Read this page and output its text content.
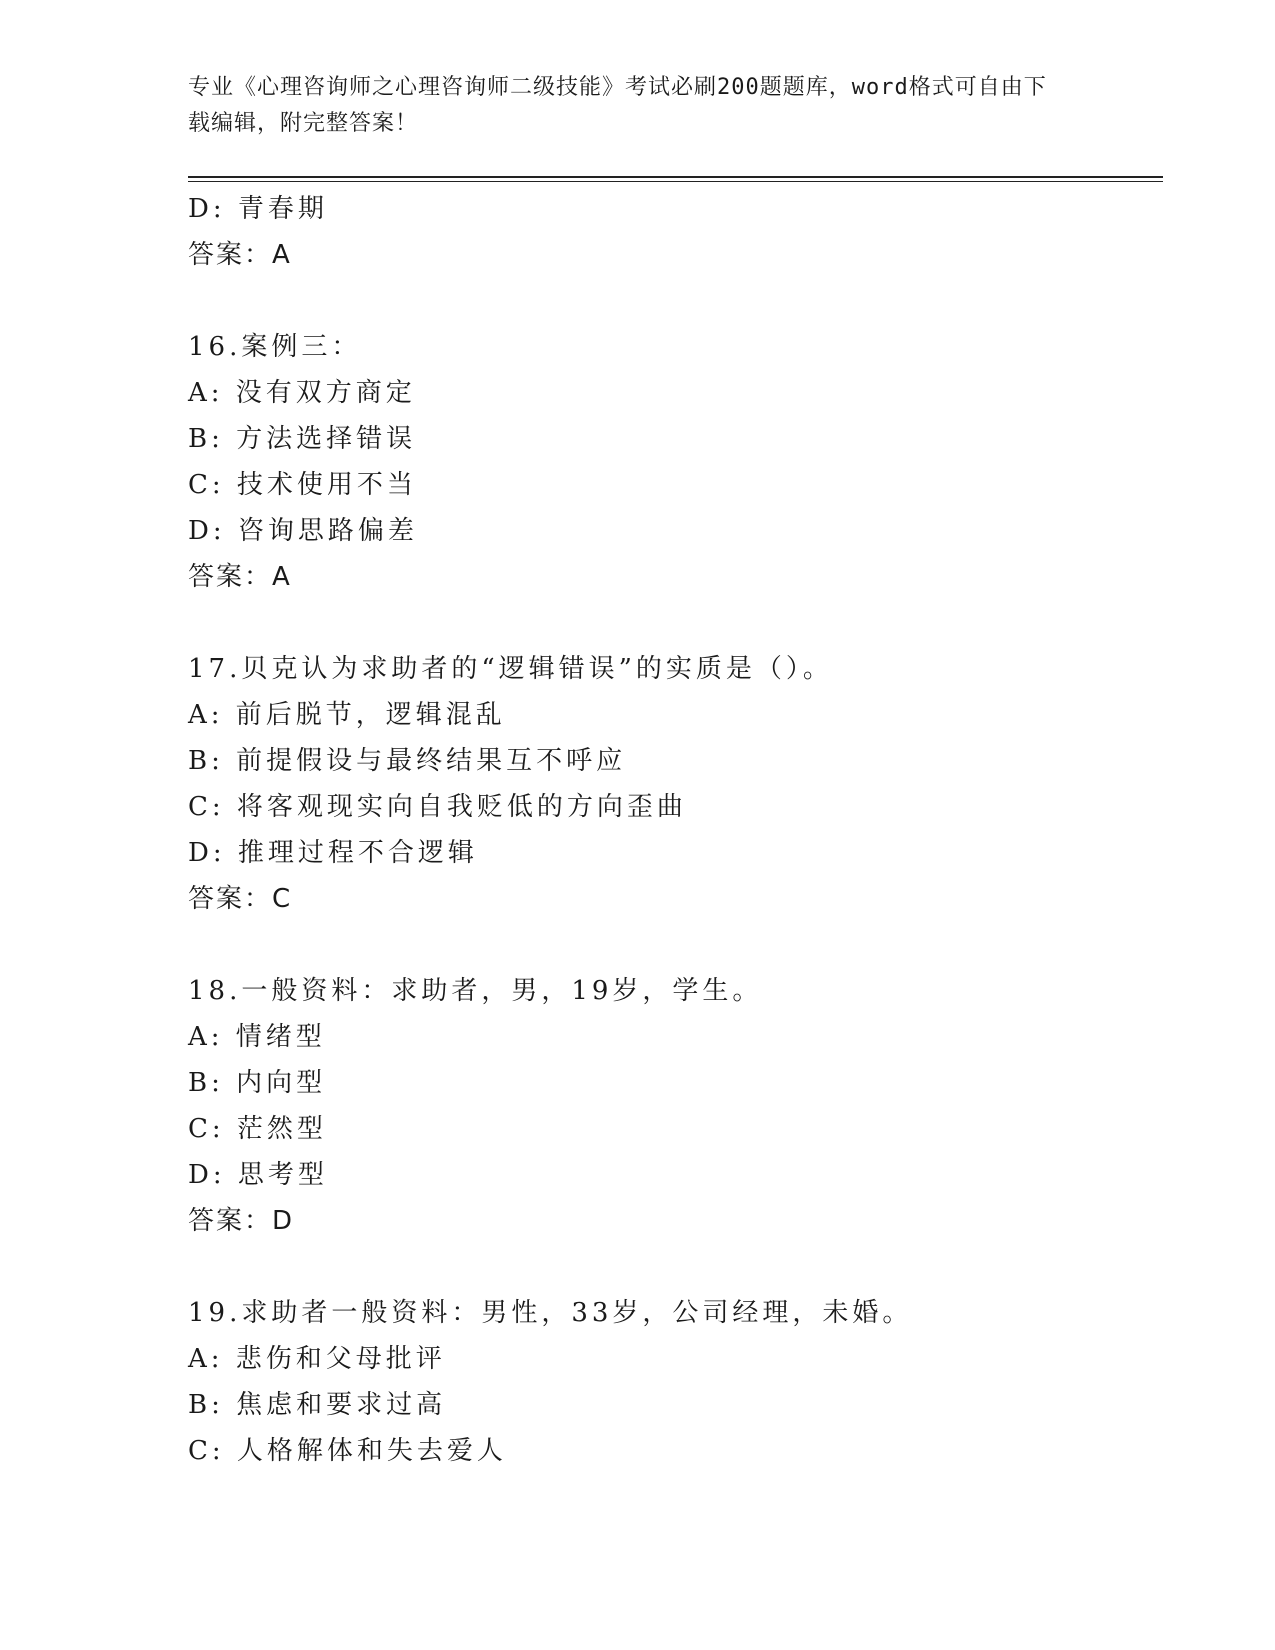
专业《心理咨询师之心理咨询师二级技能》考试必刷200题题库，word格式可自由下载编辑，附完整答案！

D: 青春期
答案：A
16.案例三：
A: 没有双方商定
B: 方法选择错误
C: 技术使用不当
D: 咨询思路偏差
答案：A
17.贝克认为求助者的“逻辑错误”的实质是（）。
A: 前后脱节，逻辑混乱
B: 前提假设与最终结果互不呼应
C: 将客观现实向自我贬低的方向歪曲
D: 推理过程不合逻辑
答案：C
18.一般资料：求助者，男，19岁，学生。
A: 情绪型
B: 内向型
C: 茫然型
D: 思考型
答案：D
19.求助者一般资料：男性，33岁，公司经理，未婚。
A: 悲伤和父母批评
B: 焦虑和要求过高
C: 人格解体和失去爱人
